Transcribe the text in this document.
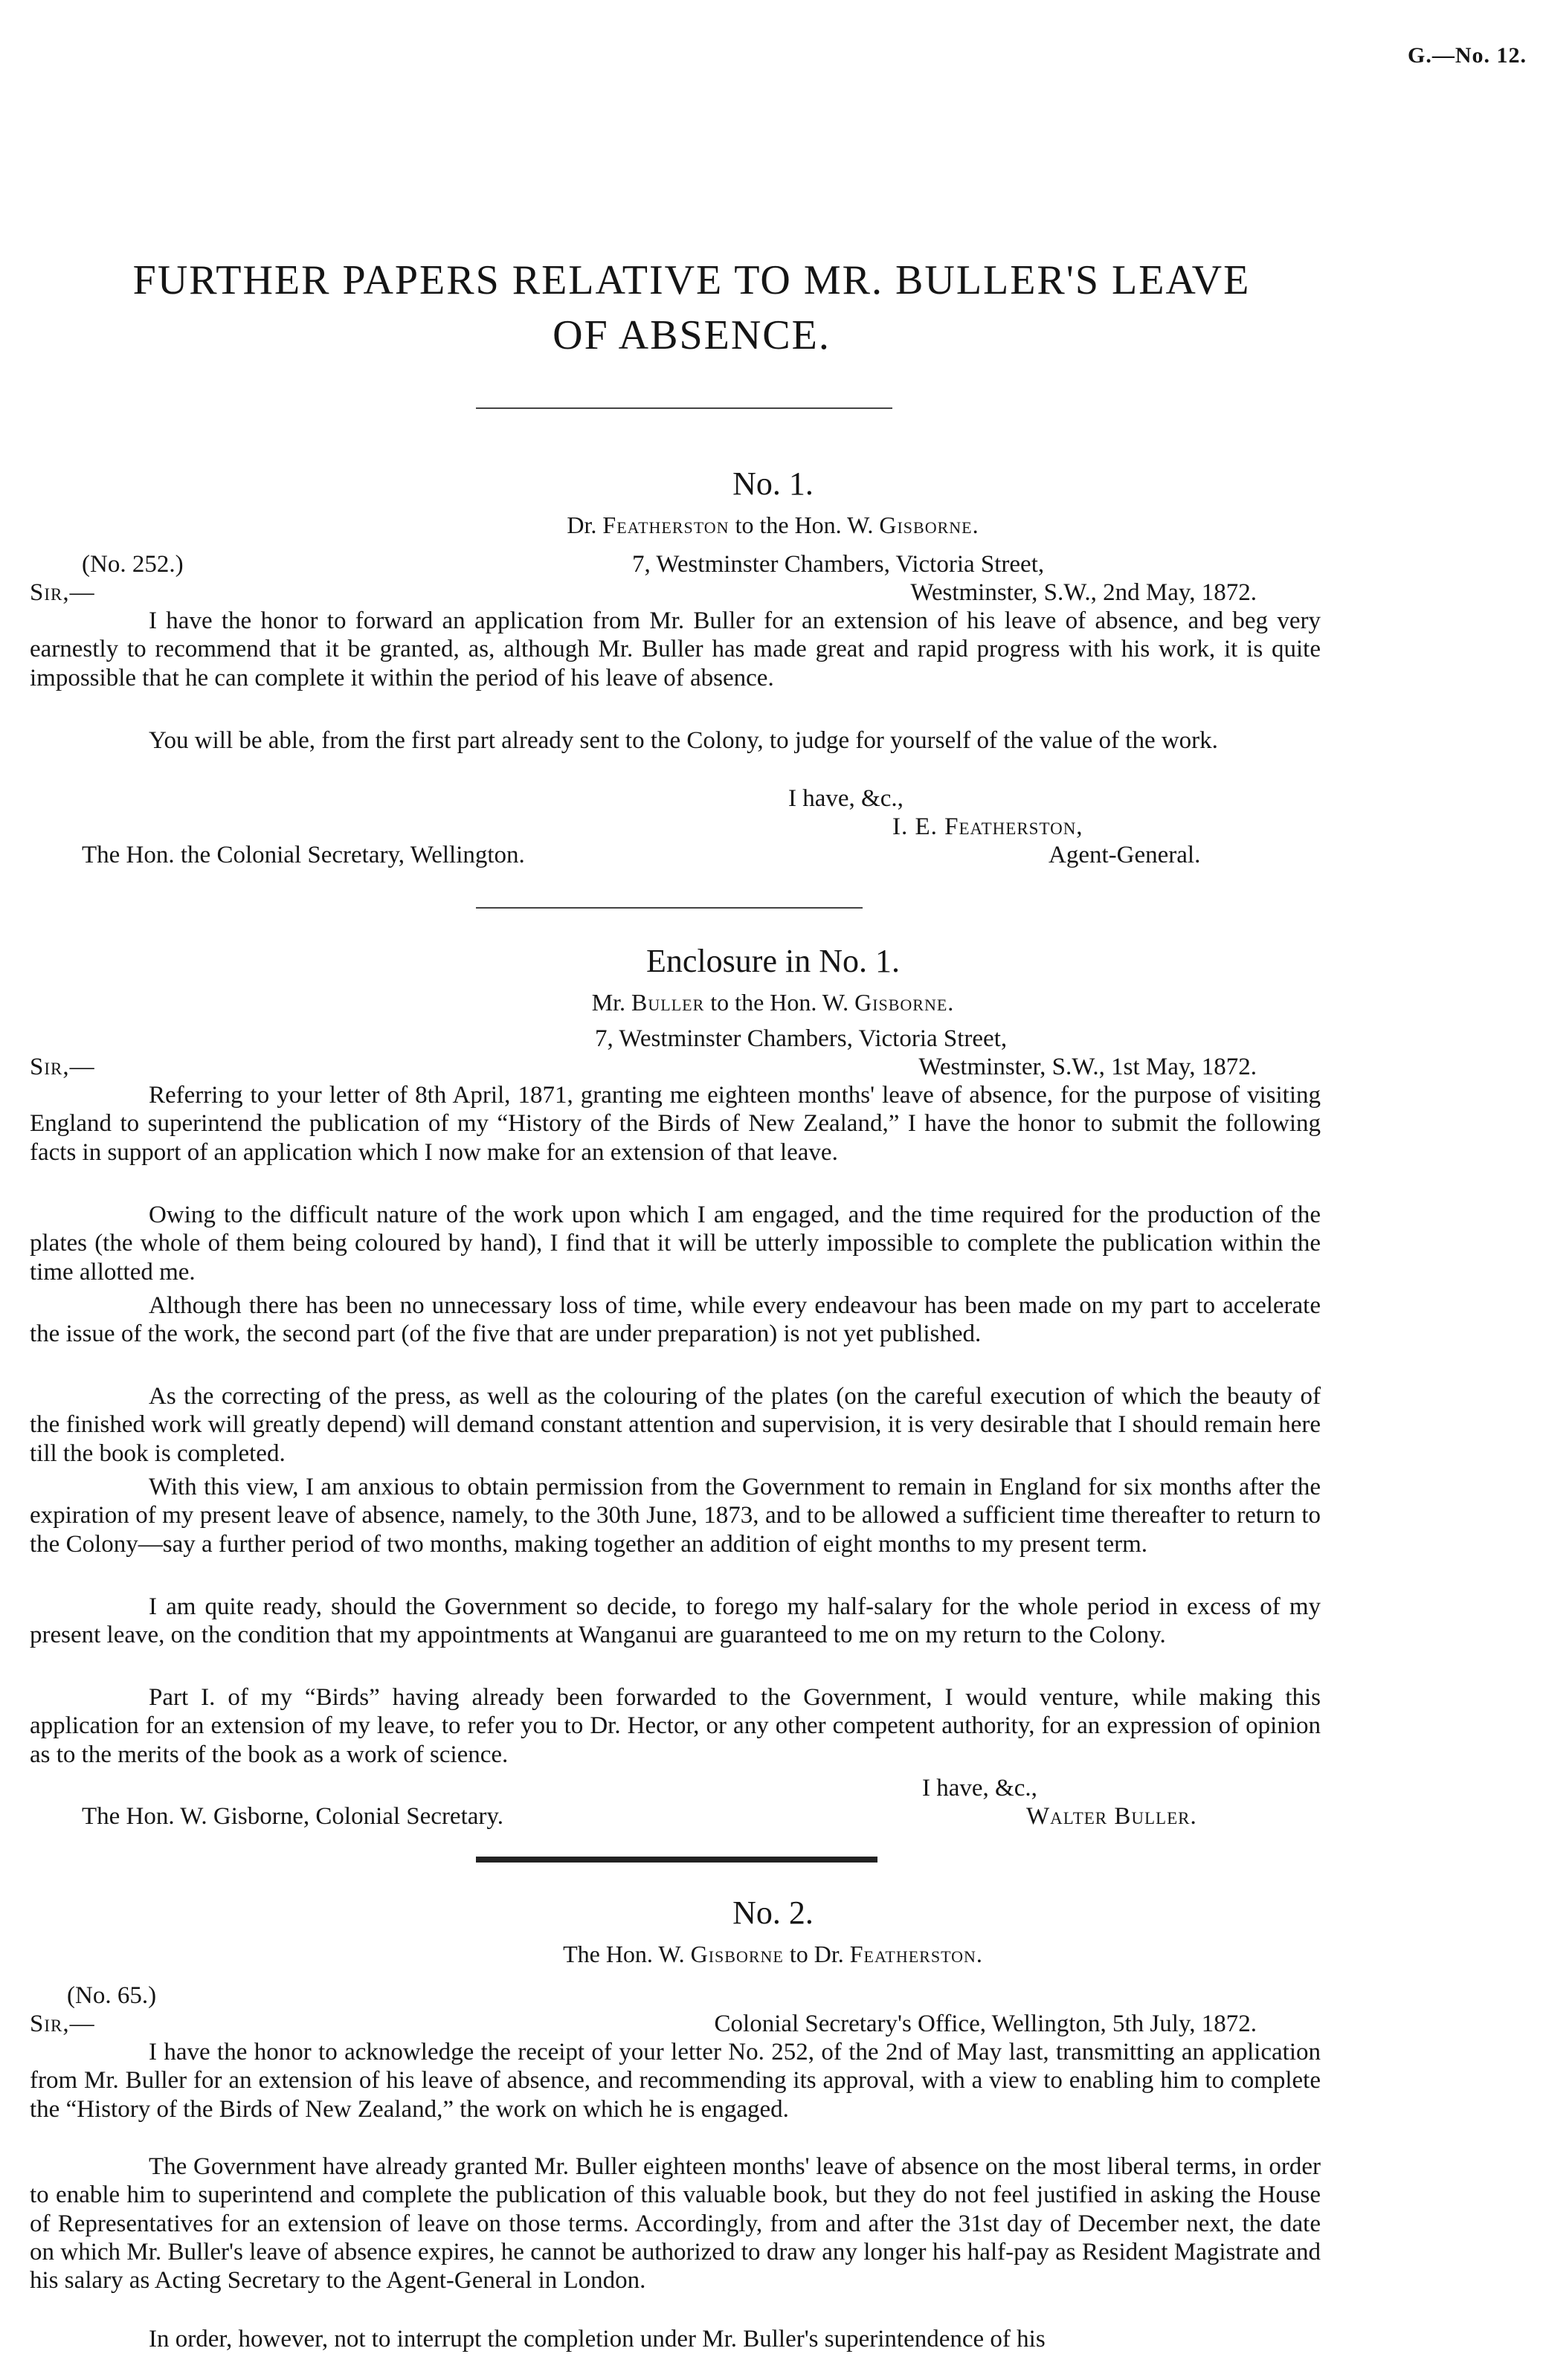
G.—No. 12.
FURTHER PAPERS RELATIVE TO MR. BULLER'S LEAVE
OF ABSENCE.
No. 1.
Dr. Featherston to the Hon. W. Gisborne.
(No. 252.)	7, Westminster Chambers, Victoria Street,
Sir,—	Westminster, S.W., 2nd May, 1872.
I have the honor to forward an application from Mr. Buller for an extension of his leave of absence, and beg very earnestly to recommend that it be granted, as, although Mr. Buller has made great and rapid progress with his work, it is quite impossible that he can complete it within the period of his leave of absence.
You will be able, from the first part already sent to the Colony, to judge for yourself of the value of the work.
I have, &c.,
I. E. Featherston,
The Hon. the Colonial Secretary, Wellington.	Agent-General.
Enclosure in No. 1.
Mr. Buller to the Hon. W. Gisborne.
7, Westminster Chambers, Victoria Street,
Sir,—	Westminster, S.W., 1st May, 1872.
Referring to your letter of 8th April, 1871, granting me eighteen months' leave of absence, for the purpose of visiting England to superintend the publication of my “History of the Birds of New Zealand,” I have the honor to submit the following facts in support of an application which I now make for an extension of that leave.
Owing to the difficult nature of the work upon which I am engaged, and the time required for the production of the plates (the whole of them being coloured by hand), I find that it will be utterly impossible to complete the publication within the time allotted me.
Although there has been no unnecessary loss of time, while every endeavour has been made on my part to accelerate the issue of the work, the second part (of the five that are under preparation) is not yet published.
As the correcting of the press, as well as the colouring of the plates (on the careful execution of which the beauty of the finished work will greatly depend) will demand constant attention and supervision, it is very desirable that I should remain here till the book is completed.
With this view, I am anxious to obtain permission from the Government to remain in England for six months after the expiration of my present leave of absence, namely, to the 30th June, 1873, and to be allowed a sufficient time thereafter to return to the Colony—say a further period of two months, making together an addition of eight months to my present term.
I am quite ready, should the Government so decide, to forego my half-salary for the whole period in excess of my present leave, on the condition that my appointments at Wanganui are guaranteed to me on my return to the Colony.
Part I. of my “Birds” having already been forwarded to the Government, I would venture, while making this application for an extension of my leave, to refer you to Dr. Hector, or any other competent authority, for an expression of opinion as to the merits of the book as a work of science.
I have, &c.,
The Hon. W. Gisborne, Colonial Secretary.	Walter Buller.
No. 2.
The Hon. W. Gisborne to Dr. Featherston.
(No. 65.)
Sir,—	Colonial Secretary's Office, Wellington, 5th July, 1872.
I have the honor to acknowledge the receipt of your letter No. 252, of the 2nd of May last, transmitting an application from Mr. Buller for an extension of his leave of absence, and recommending its approval, with a view to enabling him to complete the “History of the Birds of New Zealand,” the work on which he is engaged.
The Government have already granted Mr. Buller eighteen months' leave of absence on the most liberal terms, in order to enable him to superintend and complete the publication of this valuable book, but they do not feel justified in asking the House of Representatives for an extension of leave on those terms. Accordingly, from and after the 31st day of December next, the date on which Mr. Buller's leave of absence expires, he cannot be authorized to draw any longer his half-pay as Resident Magistrate and his salary as Acting Secretary to the Agent-General in London.
In order, however, not to interrupt the completion under Mr. Buller's superintendence of his
